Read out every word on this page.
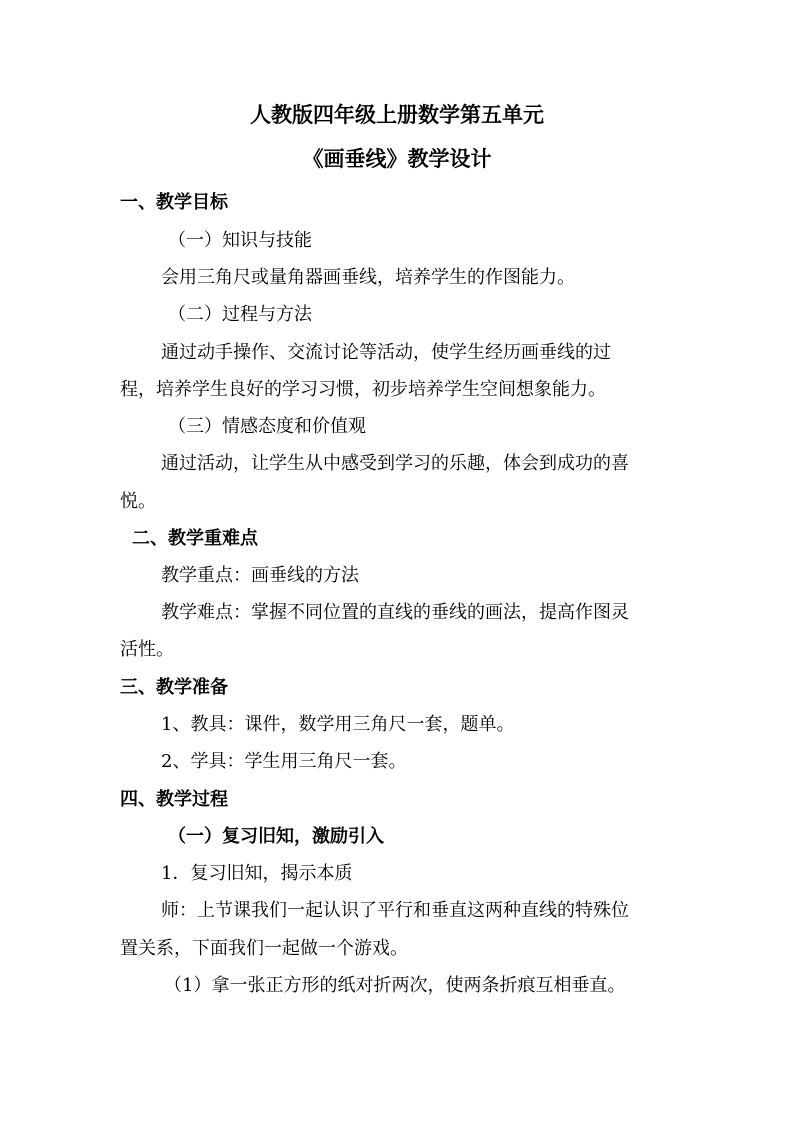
人教版四年级上册数学第五单元
《画垂线》教学设计
一、教学目标
（一）知识与技能
会用三角尺或量角器画垂线，培养学生的作图能力。
（二）过程与方法
通过动手操作、交流讨论等活动，使学生经历画垂线的过
程，培养学生良好的学习习惯，初步培养学生空间想象能力。
（三）情感态度和价值观
通过活动，让学生从中感受到学习的乐趣，体会到成功的喜
悦。
二、教学重难点
教学重点：画垂线的方法
教学难点：掌握不同位置的直线的垂线的画法，提高作图灵
活性。
三、教学准备
1、教具：课件，数学用三角尺一套，题单。
2、学具：学生用三角尺一套。
四、教学过程
（一）复习旧知，激励引入
1．复习旧知，揭示本质
师：上节课我们一起认识了平行和垂直这两种直线的特殊位
置关系，下面我们一起做一个游戏。
（1）拿一张正方形的纸对折两次，使两条折痕互相垂直。
